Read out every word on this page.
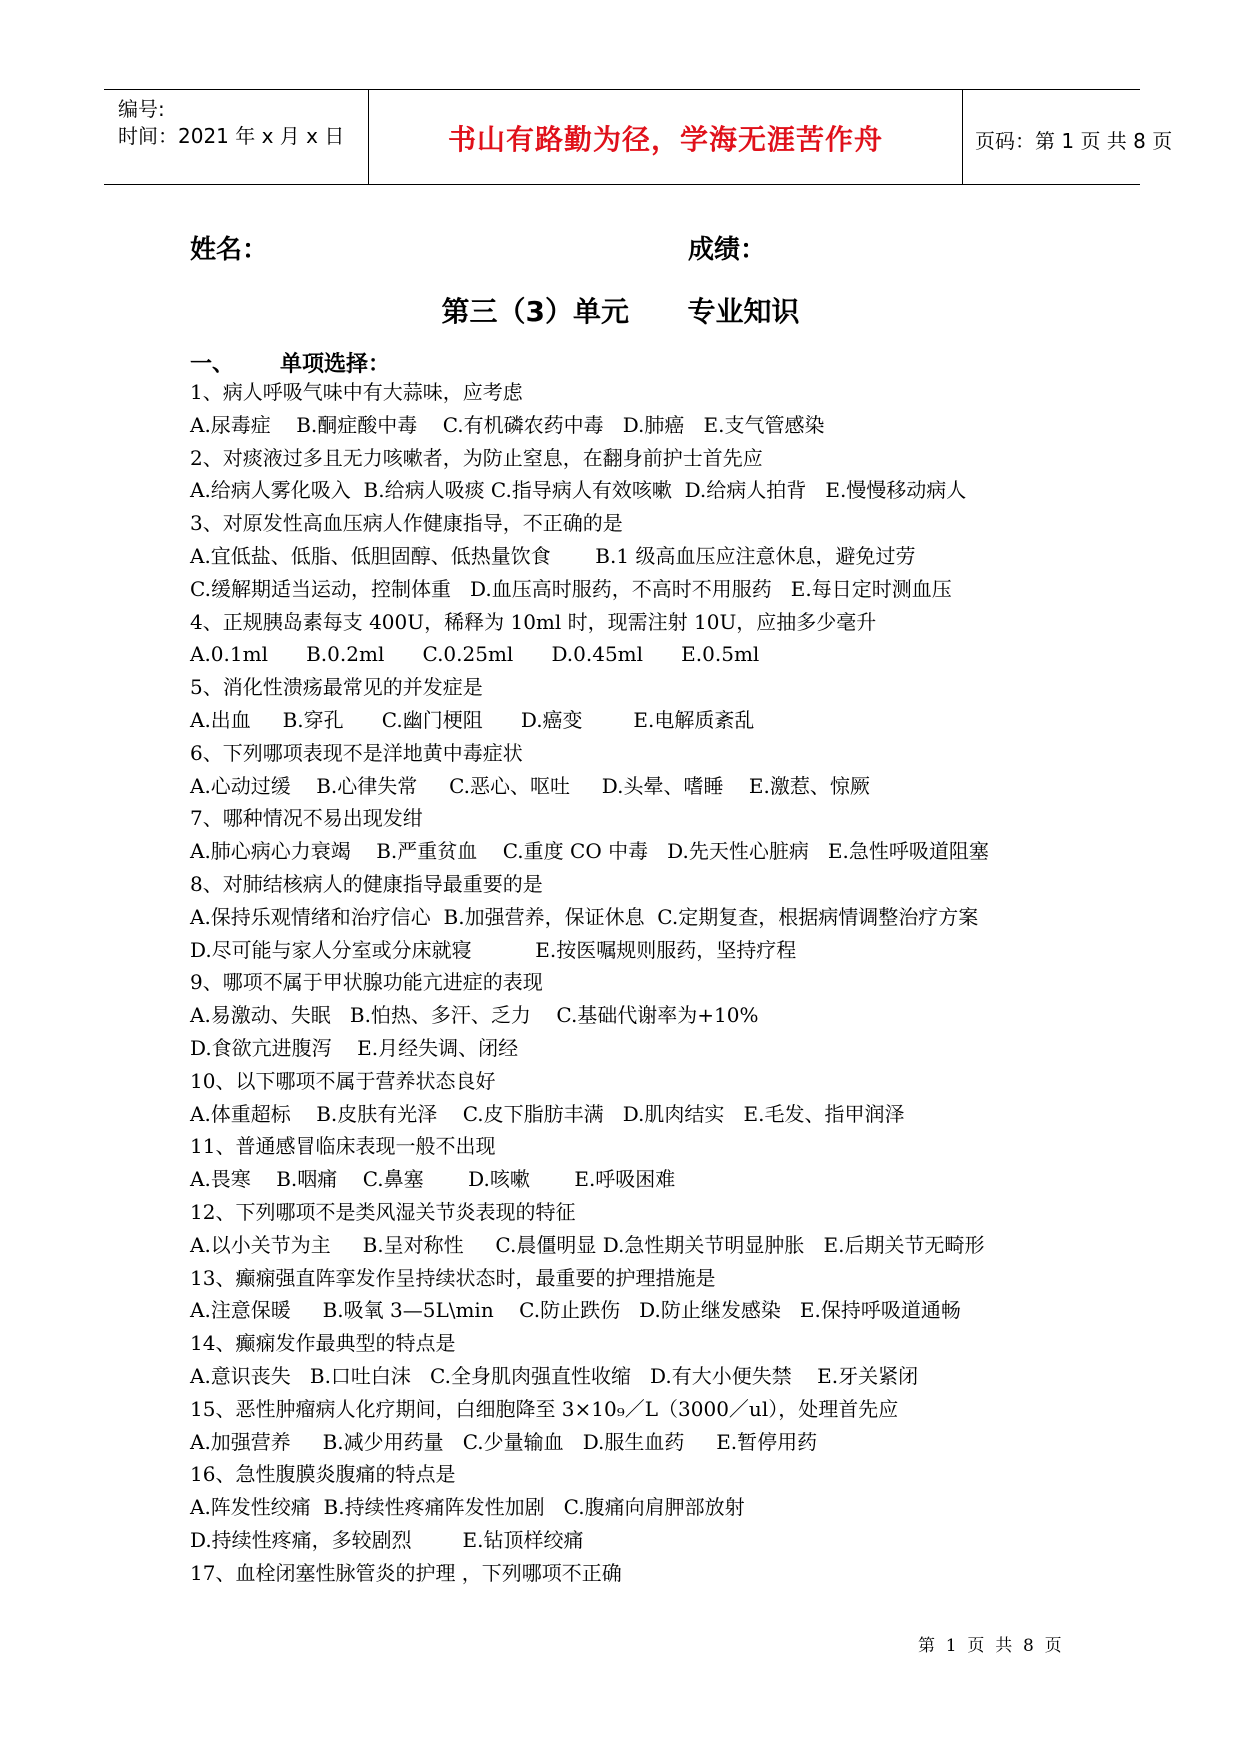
编号:
时间：2021 年 x 月 x 日	书山有路勤为径，学海无涯苦作舟	页码：第 1 页 共 8 页
姓名：	成绩：
第三（3）单元      专业知识
一、      单项选择：
1、病人呼吸气味中有大蒜味，应考虑
A.尿毒症    B.酮症酸中毒    C.有机磷农药中毒   D.肺癌   E.支气管感染
2、对痰液过多且无力咳嗽者，为防止窒息，在翻身前护士首先应
A.给病人雾化吸入  B.给病人吸痰 C.指导病人有效咳嗽  D.给病人拍背   E.慢慢移动病人
3、对原发性高血压病人作健康指导，不正确的是
A.宜低盐、低脂、低胆固醇、低热量饮食       B.1 级高血压应注意休息，避免过劳
C.缓解期适当运动，控制体重   D.血压高时服药，不高时不用服药   E.每日定时测血压
4、正规胰岛素每支 400U，稀释为 10ml 时，现需注射 10U，应抽多少毫升
A.0.1ml      B.0.2ml      C.0.25ml      D.0.45ml      E.0.5ml
5、消化性溃疡最常见的并发症是
A.出血     B.穿孔      C.幽门梗阻      D.癌变        E.电解质紊乱
6、下列哪项表现不是洋地黄中毒症状
A.心动过缓    B.心律失常     C.恶心、呕吐     D.头晕、嗜睡    E.激惹、惊厥
7、哪种情况不易出现发绀
A.肺心病心力衰竭    B.严重贫血    C.重度 CO 中毒   D.先天性心脏病   E.急性呼吸道阻塞
8、对肺结核病人的健康指导最重要的是
A.保持乐观情绪和治疗信心  B.加强营养，保证休息  C.定期复查，根据病情调整治疗方案
D.尽可能与家人分室或分床就寝          E.按医嘱规则服药，坚持疗程
9、哪项不属于甲状腺功能亢进症的表现
A.易激动、失眠   B.怕热、多汗、乏力    C.基础代谢率为+10%
D.食欲亢进腹泻    E.月经失调、闭经
10、以下哪项不属于营养状态良好
A.体重超标    B.皮肤有光泽    C.皮下脂肪丰满   D.肌肉结实   E.毛发、指甲润泽
11、普通感冒临床表现一般不出现
A.畏寒    B.咽痛    C.鼻塞       D.咳嗽       E.呼吸困难
12、下列哪项不是类风湿关节炎表现的特征
A.以小关节为主     B.呈对称性     C.晨僵明显 D.急性期关节明显肿胀   E.后期关节无畸形
13、癫痫强直阵挛发作呈持续状态时，最重要的护理措施是
A.注意保暖     B.吸氧 3—5L\min    C.防止跌伤   D.防止继发感染   E.保持呼吸道通畅
14、癫痫发作最典型的特点是
A.意识丧失   B.口吐白沫   C.全身肌肉强直性收缩   D.有大小便失禁    E.牙关紧闭
15、恶性肿瘤病人化疗期间，白细胞降至 3×10₉／L（3000／ul），处理首先应
A.加强营养     B.减少用药量   C.少量输血   D.服生血药     E.暂停用药
16、急性腹膜炎腹痛的特点是
A.阵发性绞痛  B.持续性疼痛阵发性加剧   C.腹痛向肩胛部放射
D.持续性疼痛，多较剧烈        E.钻顶样绞痛
17、血栓闭塞性脉管炎的护理 ，下列哪项不正确
第  1  页  共  8  页
